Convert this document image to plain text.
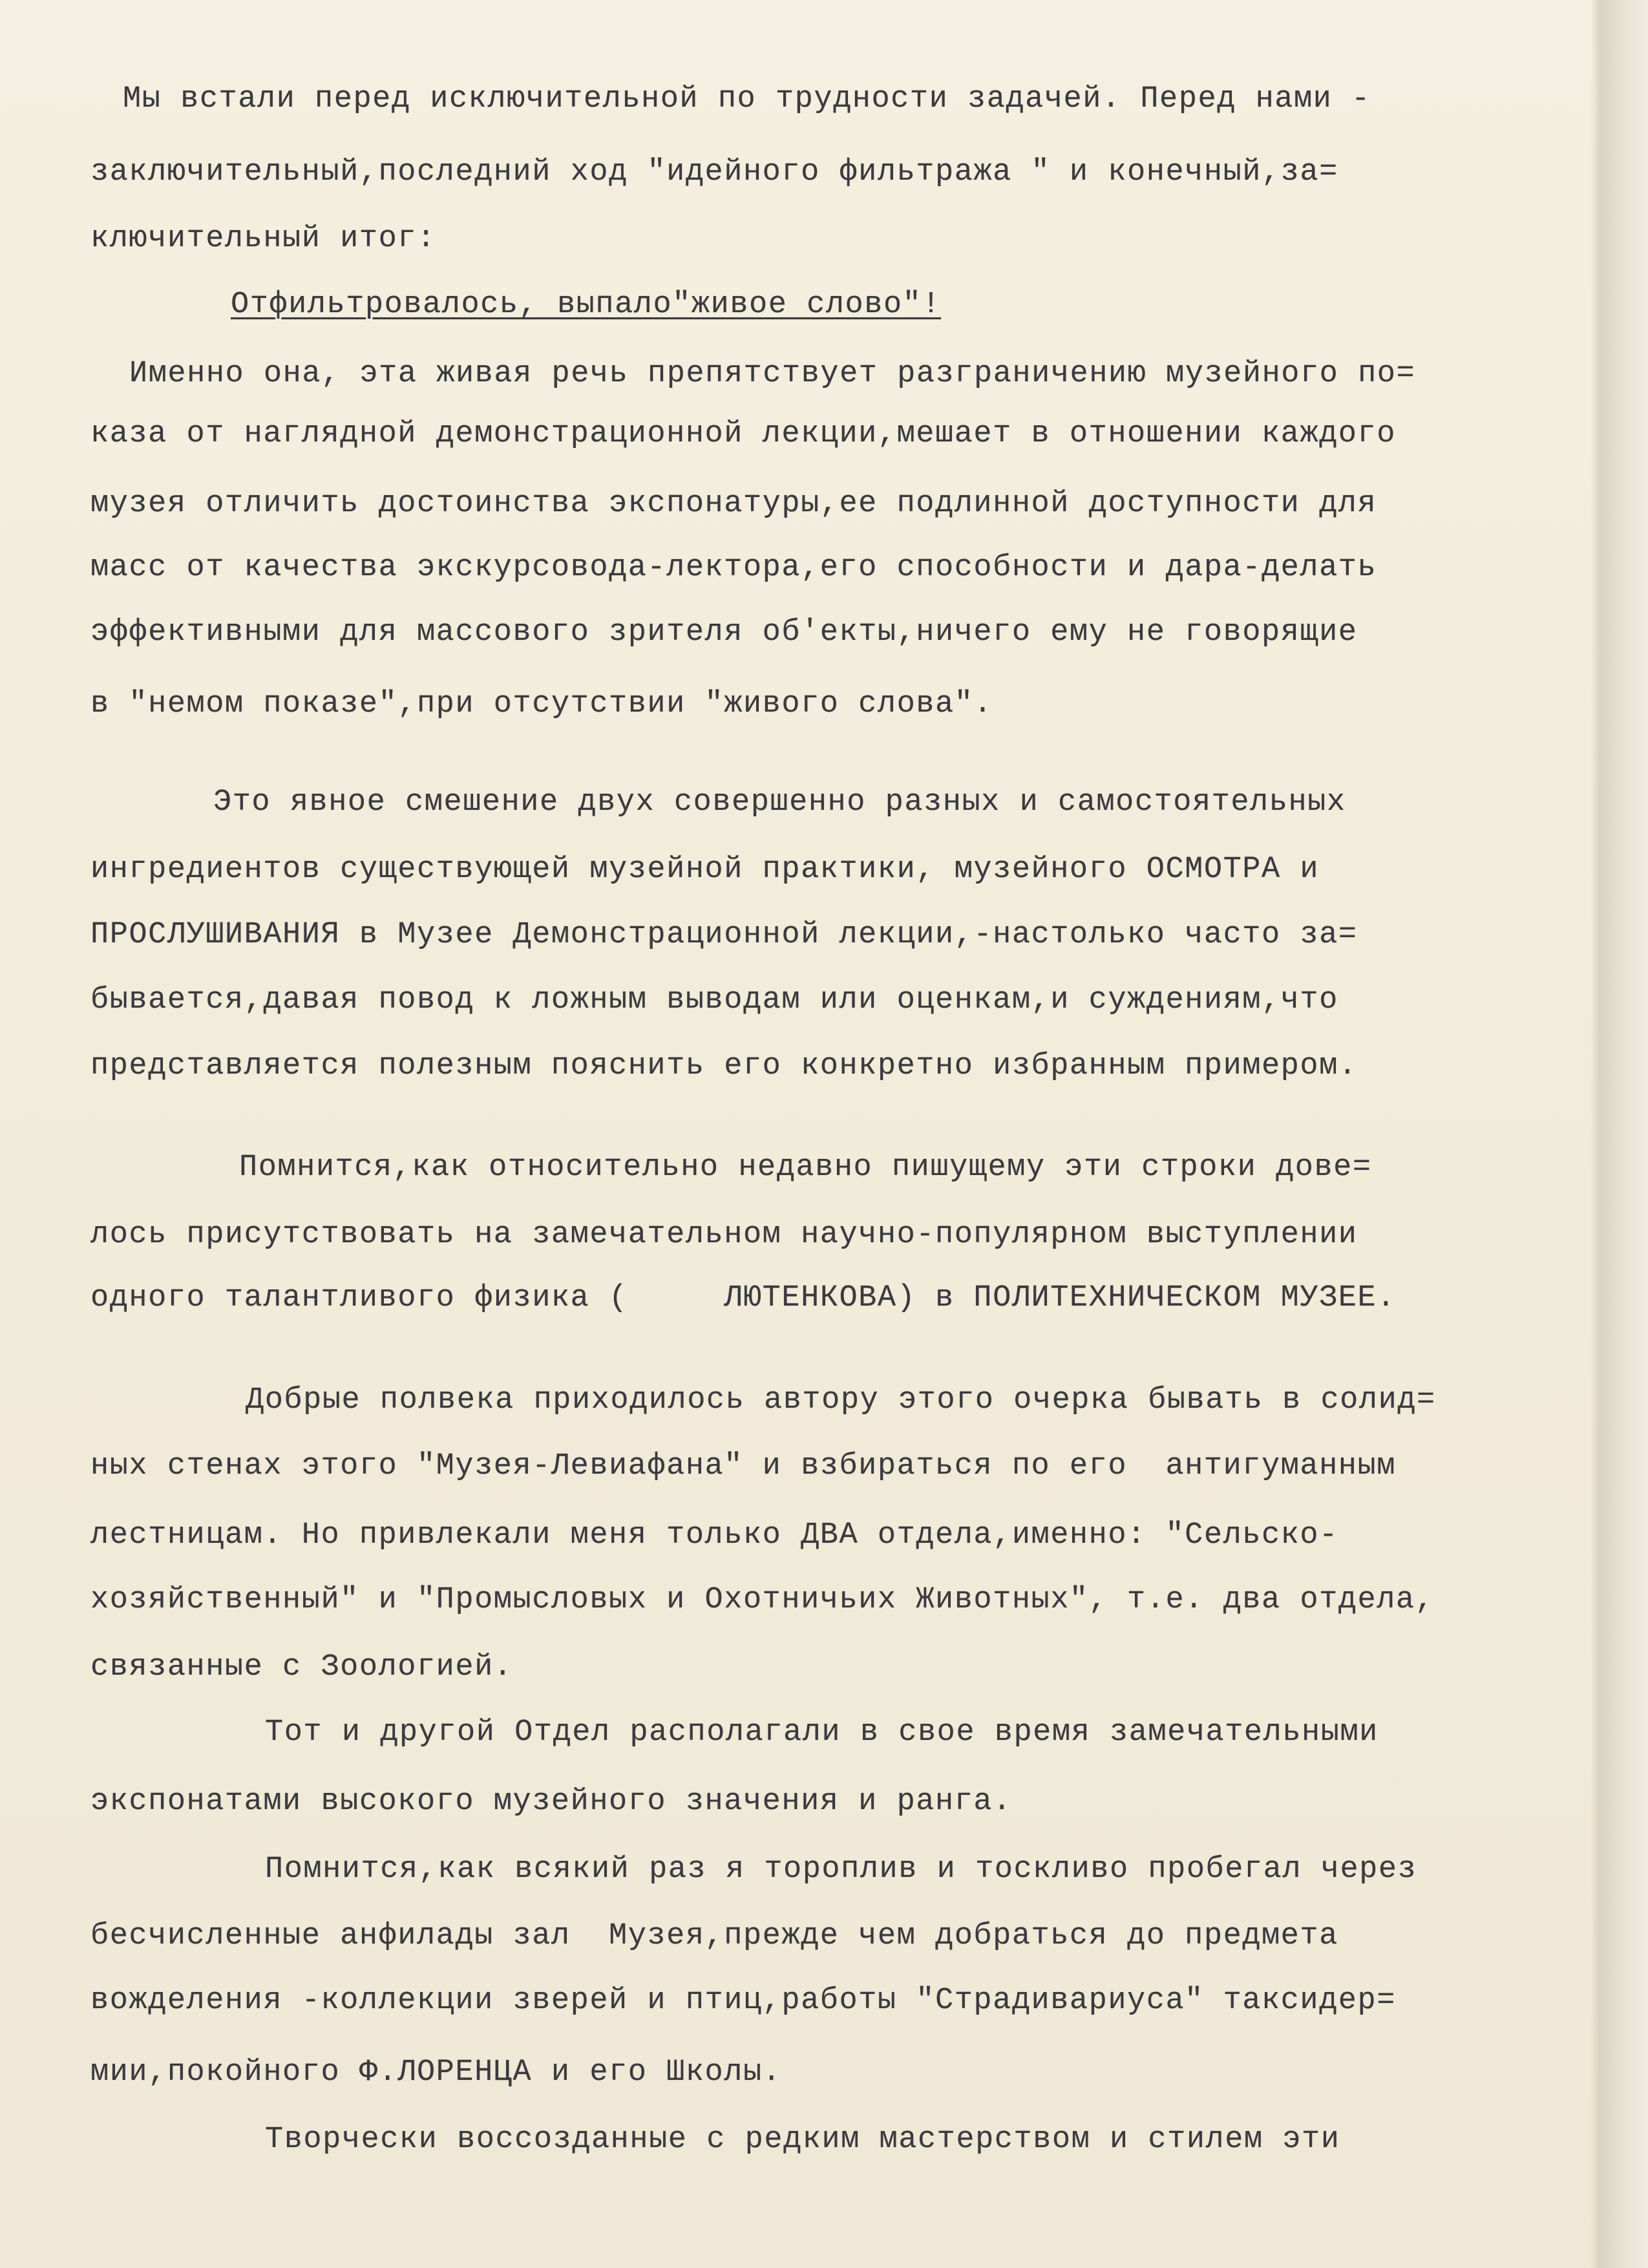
Мы встали перед исключительной по трудности задачей. Перед нами -
заключительный,последний ход "идейного фильтража " и конечный,за=
ключительный итог:
Отфильтровалось, выпало"живое слово"!
Именно она, эта живая речь препятствует разграничению музейного по=
каза от наглядной демонстрационной лекции,мешает в отношении каждого
музея отличить достоинства экспонатуры,ее подлинной доступности для
масс от качества экскурсовода-лектора,его способности и дара-делать
эффективными для массового зрителя об'екты,ничего ему не говорящие
в "немом показе",при отсутствии "живого слова".
Это явное смешение двух совершенно разных и самостоятельных
ингредиентов существующей музейной практики, музейного ОСМОТРА и
ПРОСЛУШИВАНИЯ в Музее Демонстрационной лекции,-настолько часто за=
бывается,давая повод к ложным выводам или оценкам,и суждениям,что
представляется полезным пояснить его конкретно избранным примером.
Помнится,как относительно недавно пишущему эти строки дове=
лось присутствовать на замечательном научно-популярном выступлении
одного талантливого физика (     ЛЮТЕНКОВА) в ПОЛИТЕХНИЧЕСКОМ МУЗЕЕ.
Добрые полвека приходилось автору этого очерка бывать в солид=
ных стенах этого "Музея-Левиафана" и взбираться по его  антигуманным
лестницам. Но привлекали меня только ДВА отдела,именно: "Сельско-
хозяйственный" и "Промысловых и Охотничьих Животных", т.е. два отдела,
связанные с Зоологией.
Тот и другой Отдел располагали в свое время замечательными
экспонатами высокого музейного значения и ранга.
Помнится,как всякий раз я тороплив и тоскливо пробегал через
бесчисленные анфилады зал  Музея,прежде чем добраться до предмета
вожделения -коллекции зверей и птиц,работы "Страдивариуса" таксидер=
мии,покойного Ф.ЛОРЕНЦА и его Школы.
Творчески воссозданные с редким мастерством и стилем эти
